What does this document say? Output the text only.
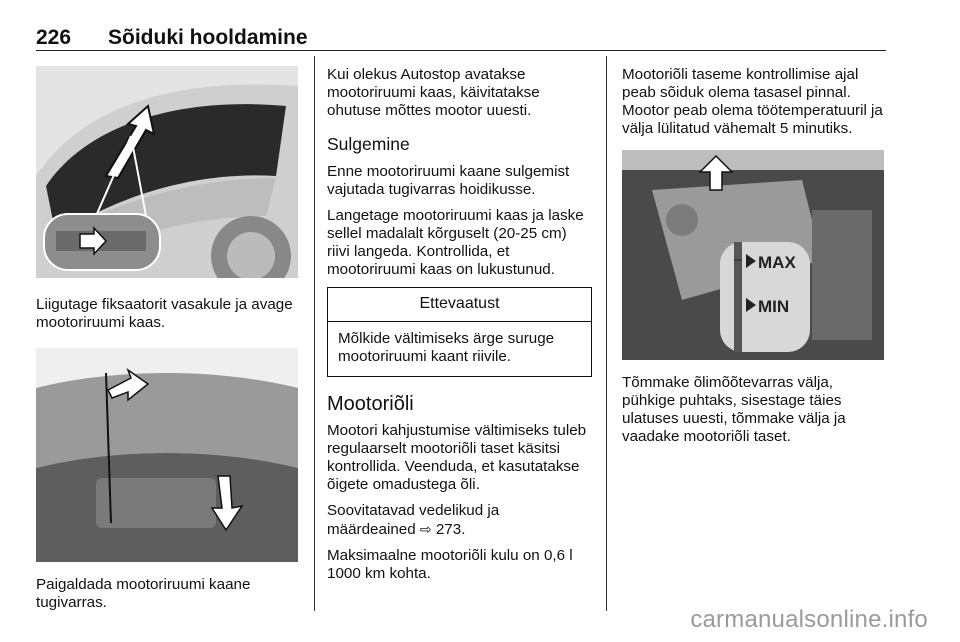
226 Sõiduki hooldamine

Liigutage fiksaatorit vasakule ja avage mootoriruumi kaas.

Paigaldada mootoriruumi kaane tugivarras.

Kui olekus Autostop avatakse mootoriruumi kaas, käivitatakse ohutuse mõttes mootor uuesti.

Sulgemine

Enne mootoriruumi kaane sulgemist vajutada tugivarras hoidikusse.

Langetage mootoriruumi kaas ja laske sellel madalalt kõrguselt (20-25 cm) riivi langeda. Kontrollida, et mootoriruumi kaas on lukustunud.

Ettevaatust
Mõlkide vältimiseks ärge suruge mootoriruumi kaant riivile.
Mootoriõli

Mootori kahjustumise vältimiseks tuleb regulaarselt mootoriõli taset käsitsi kontrollida. Veenduda, et kasutatakse õigete omadustega õli.

Soovitatavad vedelikud ja määrdeained ⇨ 273.

Maksimaalne mootoriõli kulu on 0,6 l 1000 km kohta.

Mootoriõli taseme kontrollimise ajal peab sõiduk olema tasasel pinnal. Mootor peab olema töötemperatuuril ja välja lülitatud vähemalt 5 minutiks.

MAX
MIN

Tõmmake õlimõõtevarras välja, pühkige puhtaks, sisestage täies ulatuses uuesti, tõmmake välja ja vaadake mootoriõli taset.

carmanualsonline.info
